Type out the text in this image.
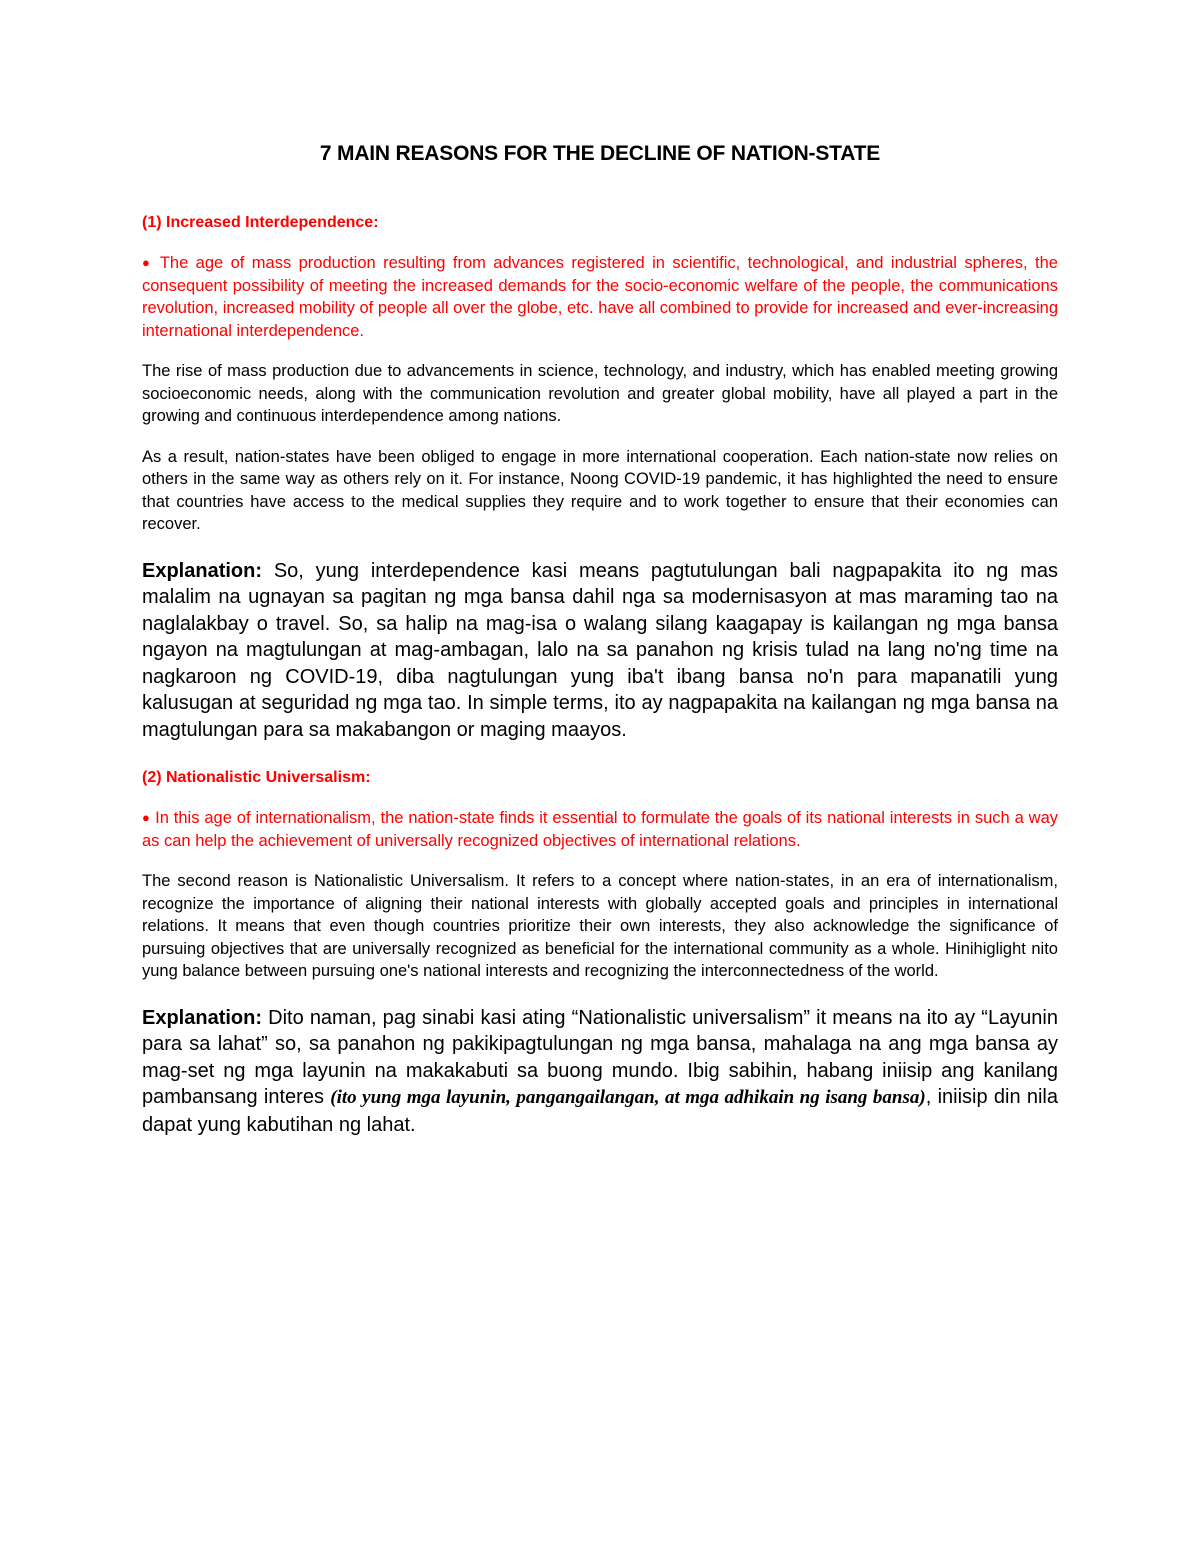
7 MAIN REASONS FOR THE DECLINE OF NATION-STATE
(1) Increased Interdependence:

● The age of mass production resulting from advances registered in scientific, technological, and industrial spheres, the consequent possibility of meeting the increased demands for the socio-economic welfare of the people, the communications revolution, increased mobility of people all over the globe, etc. have all combined to provide for increased and ever-increasing international interdependence.

The rise of mass production due to advancements in science, technology, and industry, which has enabled meeting growing socioeconomic needs, along with the communication revolution and greater global mobility, have all played a part in the growing and continuous interdependence among nations.

As a result, nation-states have been obliged to engage in more international cooperation. Each nation-state now relies on others in the same way as others rely on it. For instance, Noong COVID-19 pandemic, it has highlighted the need to ensure that countries have access to the medical supplies they require and to work together to ensure that their economies can recover.

Explanation: So, yung interdependence kasi means pagtutulungan bali nagpapakita ito ng mas malalim na ugnayan sa pagitan ng mga bansa dahil nga sa modernisasyon at mas maraming tao na naglalakbay o travel. So, sa halip na mag-isa o walang silang kaagapay is kailangan ng mga bansa ngayon na magtulungan at mag-ambagan, lalo na sa panahon ng krisis tulad na lang no'ng time na nagkaroon ng COVID-19, diba nagtulungan yung iba't ibang bansa no'n para mapanatili yung kalusugan at seguridad ng mga tao. In simple terms, ito ay nagpapakita na kailangan ng mga bansa na magtulungan para sa makabangon or maging maayos.

(2) Nationalistic Universalism:

● In this age of internationalism, the nation-state finds it essential to formulate the goals of its national interests in such a way as can help the achievement of universally recognized objectives of international relations.

The second reason is Nationalistic Universalism. It refers to a concept where nation-states, in an era of internationalism, recognize the importance of aligning their national interests with globally accepted goals and principles in international relations. It means that even though countries prioritize their own interests, they also acknowledge the significance of pursuing objectives that are universally recognized as beneficial for the international community as a whole. Hinihiglight nito yung balance between pursuing one's national interests and recognizing the interconnectedness of the world.

Explanation: Dito naman, pag sinabi kasi ating “Nationalistic universalism” it means na ito ay “Layunin para sa lahat” so, sa panahon ng pakikipagtulungan ng mga bansa, mahalaga na ang mga bansa ay mag-set ng mga layunin na makakabuti sa buong mundo. Ibig sabihin, habang iniisip ang kanilang pambansang interes (ito yung mga layunin, pangangailangan, at mga adhikain ng isang bansa), iniisip din nila dapat yung kabutihan ng lahat.
